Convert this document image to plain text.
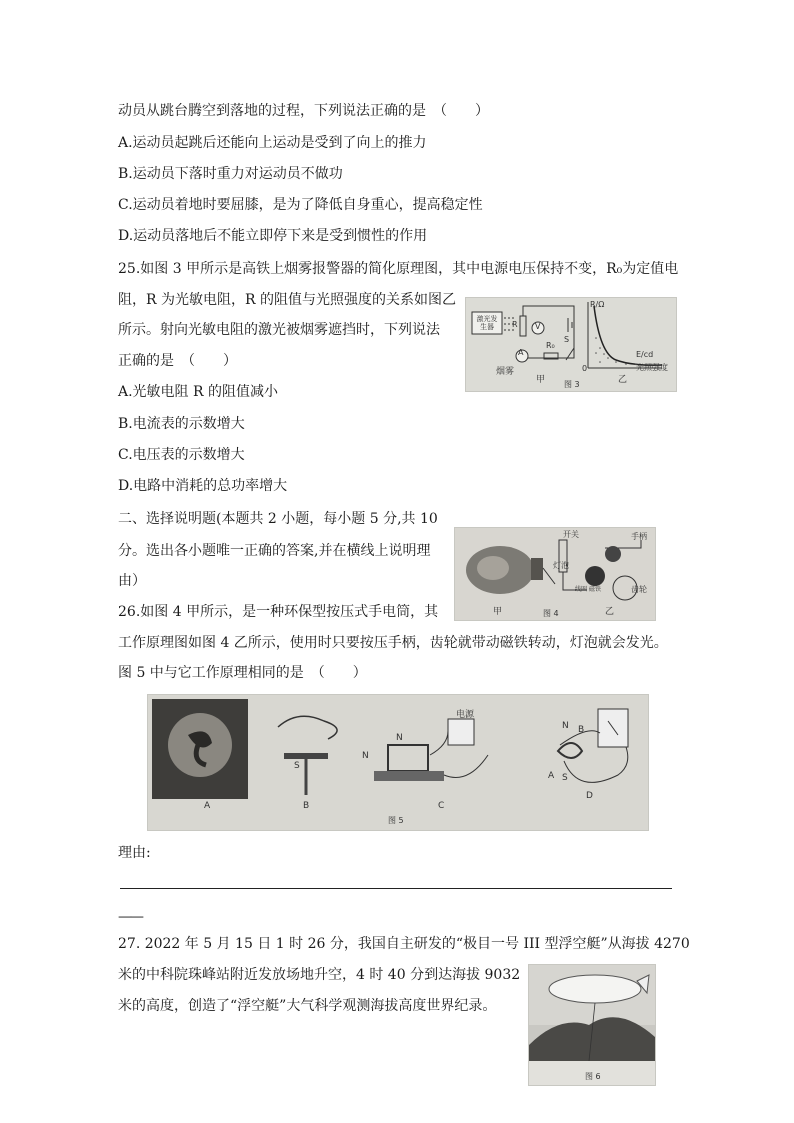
动员从跳台腾空到落地的过程，下列说法正确的是　（　　）
A.运动员起跳后还能向上运动是受到了向上的推力
B.运动员下落时重力对运动员不做功
C.运动员着地时要屈膝，是为了降低自身重心，提高稳定性
D.运动员落地后不能立即停下来是受到惯性的作用
25.如图 3 甲所示是高铁上烟雾报警器的简化原理图，其中电源电压保持不变，R₀为定值电
阻，R 为光敏电阻，R 的阻值与光照强度的关系如图乙
所示。射向光敏电阻的激光被烟雾遮挡时，下列说法
正确的是　（　　）
A.光敏电阻 R 的阻值减小
B.电流表的示数增大
C.电压表的示数增大
D.电路中消耗的总功率增大
激光发生器
烟雾
A
V
R
R₀
S
R/Ω
E/cd
0	光照强度
甲	乙
图 3
二、选择说明题(本题共 2 小题，每小题 5 分,共 10
分。选出各小题唯一正确的答案,并在横线上说明理
由）
开关
灯泡
手柄
齿轮
线圈 磁铁
甲	乙
图 4
26.如图 4 甲所示，是一种环保型按压式手电筒，其
工作原理图如图 4 乙所示，使用时只要按压手柄，齿轮就带动磁铁转动，灯泡就会发光。
图 5 中与它工作原理相同的是　（　　）
A	B	C
D
电源
N
N
S
N B
A S
图 5
理由:
——
27. 2022 年 5 月 15 日 1 时 26 分，我国自主研发的“极目一号 III 型浮空艇”从海拔 4270
米的中科院珠峰站附近发放场地升空，4 时 40 分到达海拔 9032
米的高度，创造了“浮空艇”大气科学观测海拔高度世界纪录。
图 6
